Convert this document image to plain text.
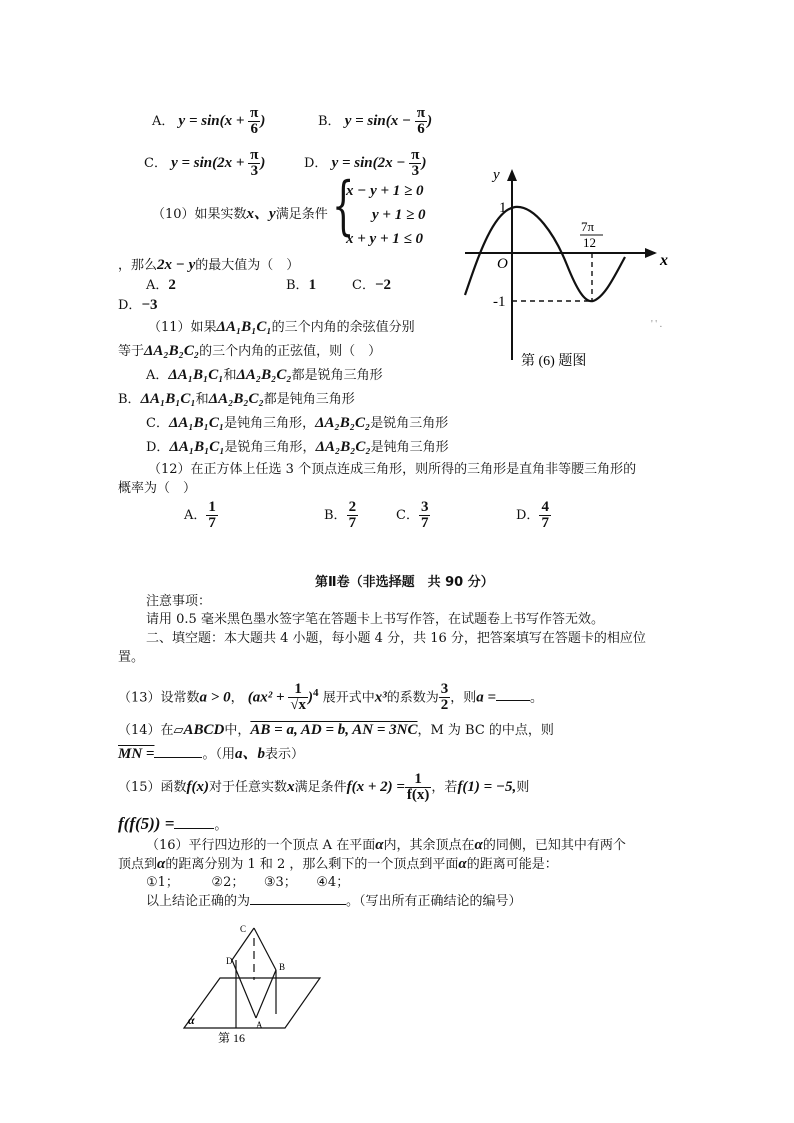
A． $y = \sin(x + \frac{\pi}{6}$ )	B． $y = \sin(x - \frac{\pi}{6}$ )
C． $y = \sin(2x + \frac{\pi}{3}$ )	D． $y = \sin(2x - \frac{\pi}{3}$ )
（10）如果实数x、y满足条件 {
x − y + 1 ≥ 0
y + 1 ≥ 0
x + y + 1 ≤ 0
，那么2x − y的最大值为（　）
A．2	B．1	C．−2
D．−3
（11）如果ΔA₁B₁C₁的三个内角的余弦值分别
等于ΔA₂B₂C₂的三个内角的正弦值，则（　）
A．ΔA₁B₁C₁和ΔA₂B₂C₂都是锐角三角形
B．ΔA₁B₁C₁和ΔA₂B₂C₂都是钝角三角形
C．ΔA₁B₁C₁是钝角三角形，ΔA₂B₂C₂是锐角三角形
D．ΔA₁B₁C₁是锐角三角形，ΔA₂B₂C₂是钝角三角形
（12）在正方体上任选 3 个顶点连成三角形，则所得的三角形是直角非等腰三角形的
概率为（　）
A． $\frac{1}{7}$	B． $\frac{2}{7}$	C． $\frac{3}{7}$	D． $\frac{4}{7}$
y
x
O
1
-1
7π
12
第 (6) 题图
' ' .
第Ⅱ卷（非选择题　共 90 分）
注意事项：
请用 0.5 毫米黑色墨水签字笔在答题卡上书写作答，在试题卷上书写作答无效。
二、填空题：本大题共 4 小题，每小题 4 分，共 16 分，把答案填写在答题卡的相应位
置。
（13）设常数a > 0， $(ax^2 + \frac{1}{√x} )^4$ 展开式中x³的系数为 $\frac{3}{2}$ ，则a =	。
（14）在▱ABCD中，AB = a, AD = b, AN = 3NC，M 为 BC 的中点，则
MN =	。（用a、b表示）
（15）函数f(x)对于任意实数x满足条件$f(x + 2) = \frac{1}{f(x)}$ ，若f(1) = −5,则
f(f(5)) =	。
（16）平行四边形的一个顶点 A 在平面α内，其余顶点在α的同侧，已知其中有两个
顶点到α的距离分别为 1 和 2 ，那么剩下的一个顶点到平面α的距离可能是：
①1；　　　②2；　　③3；　　④4；
以上结论正确的为	。（写出所有正确结论的编号）
α
C
D
B
A
第 16
